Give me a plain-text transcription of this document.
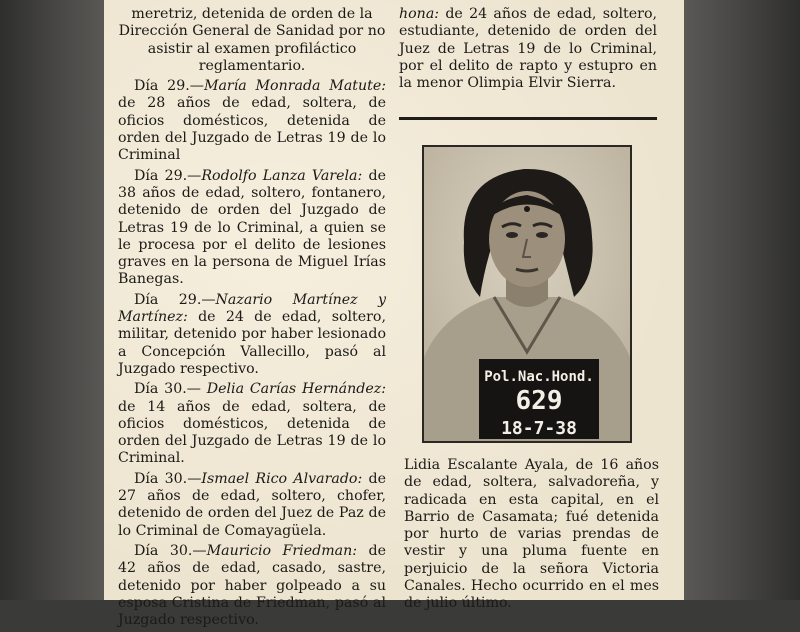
meretriz, detenida de orden de la Dirección General de Sanidad por no asistir al examen profiláctico reglamentario.

Día 29.—María Monrada Matute: de 28 años de edad, soltera, de oficios domésticos, detenida de orden del Juzgado de Letras 19 de lo Criminal

Día 29.—Rodolfo Lanza Varela: de 38 años de edad, soltero, fontanero, detenido de orden del Juzgado de Letras 19 de lo Criminal, a quien se le procesa por el delito de lesiones graves en la persona de Miguel Irías Banegas.

Día 29.—Nazario Martínez y Martínez: de 24 de edad, soltero, militar, detenido por haber lesionado a Concepción Vallecillo, pasó al Juzgado respectivo.

Día 30.— Delia Carías Hernández: de 14 años de edad, soltera, de oficios domésticos, detenida de orden del Juzgado de Letras 19 de lo Criminal.

Día 30.—Ismael Rico Alvarado: de 27 años de edad, soltero, chofer, detenido de orden del Juez de Paz de lo Criminal de Comayagüela.

Día 30.—Mauricio Friedman: de 42 años de edad, casado, sastre, detenido por haber golpeado a su esposa Cristina de Friedman, pasó al Juzgado respectivo.

hona: de 24 años de edad, soltero, estudiante, detenido de orden del Juez de Letras 19 de lo Criminal, por el delito de rapto y estupro en la menor Olimpia Elvir Sierra.

Pol.Nac.Hond.
629
18-7-38
Lidia Escalante Ayala, de 16 años de edad, soltera, salvadoreña, y radicada en esta capital, en el Barrio de Casamata; fué detenida por hurto de varias prendas de vestir y una pluma fuente en perjuicio de la señora Victoria Canales. Hecho ocurrido en el mes de julio último.
